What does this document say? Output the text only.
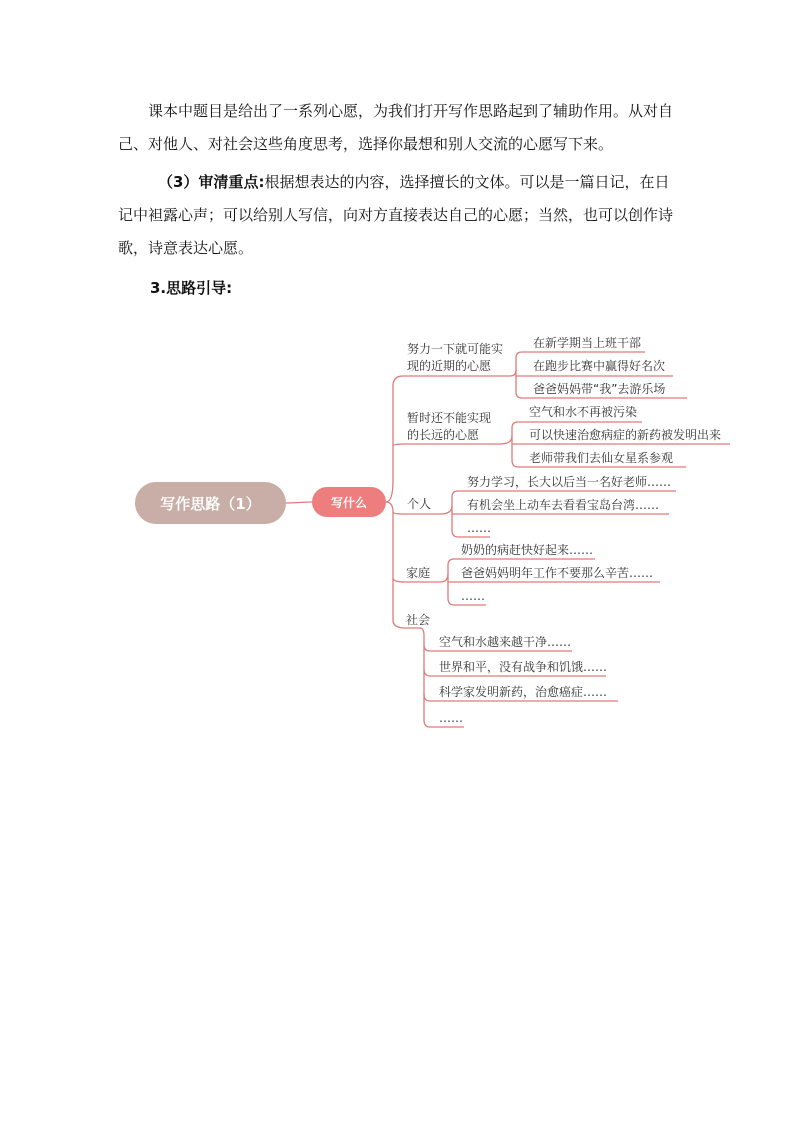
课本中题目是给出了一系列心愿，为我们打开写作思路起到了辅助作用。从对自己、对他人、对社会这些角度思考，选择你最想和别人交流的心愿写下来。

（3）审清重点:根据想表达的内容，选择擅长的文体。可以是一篇日记，在日记中袒露心声；可以给别人写信，向对方直接表达自己的心愿；当然，也可以创作诗歌，诗意表达心愿。

3.思路引导:

写作思路（1）	写什么
努力一下就可能实
现的近期的心愿
暂时还不能实现
的长远的心愿
个人
家庭
社会
在新学期当上班干部
在跑步比赛中赢得好名次
爸爸妈妈带“我”去游乐场
空气和水不再被污染
可以快速治愈病症的新药被发明出来
老师带我们去仙女星系参观
努力学习，长大以后当一名好老师……
有机会坐上动车去看看宝岛台湾……
……
奶奶的病赶快好起来……
爸爸妈妈明年工作不要那么辛苦……
……
空气和水越来越干净……
世界和平，没有战争和饥饿……
科学家发明新药，治愈癌症……
……
